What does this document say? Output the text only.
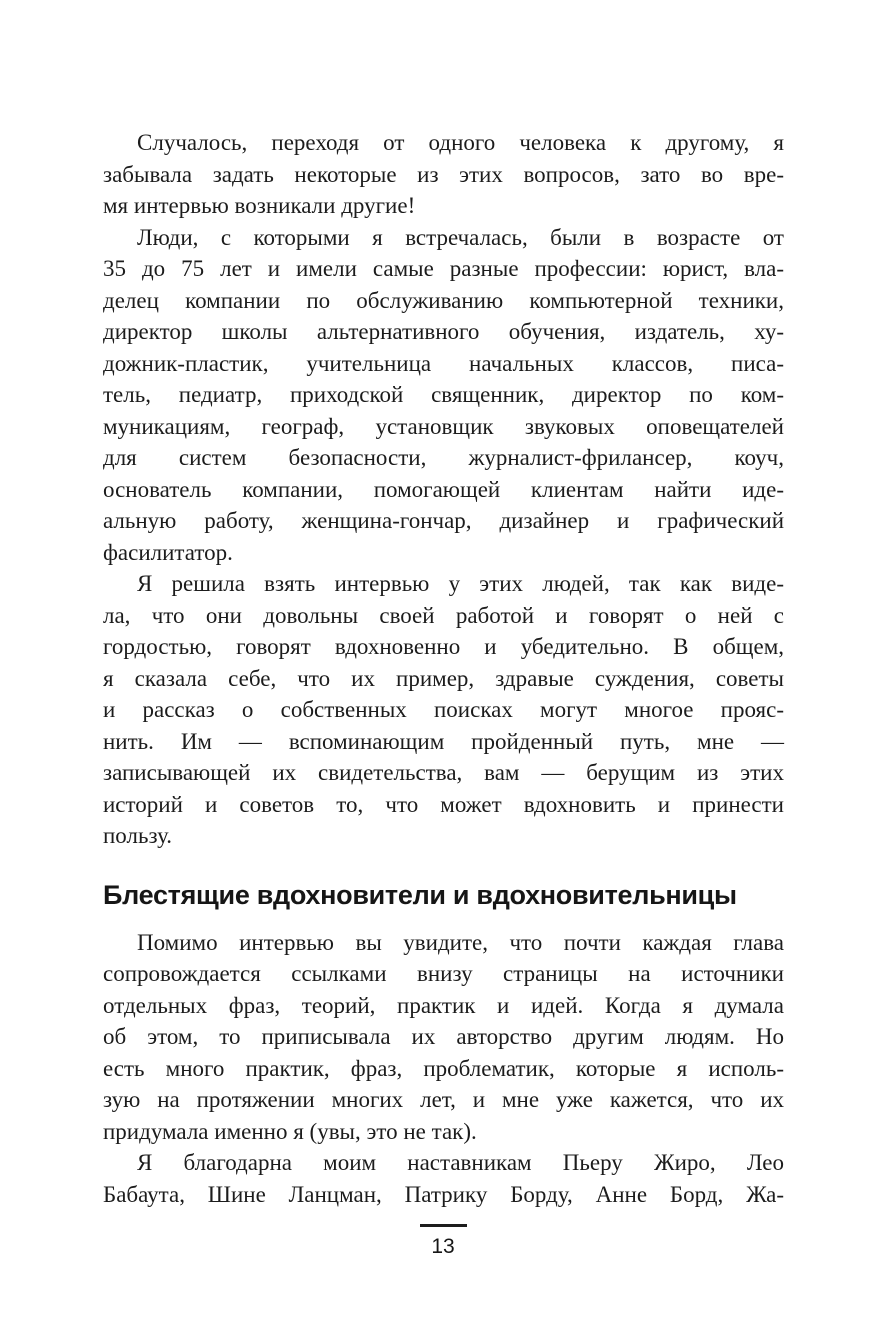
Случалось, переходя от одного человека к другому, я
забывала задать некоторые из этих вопросов, зато во вре-
мя интервью возникали другие!
Люди, с которыми я встречалась, были в возрасте от
35 до 75 лет и имели самые разные профессии: юрист, вла-
делец компании по обслуживанию компьютерной техники,
директор школы альтернативного обучения, издатель, ху-
дожник-пластик, учительница начальных классов, писа-
тель, педиатр, приходской священник, директор по ком-
муникациям, географ, установщик звуковых оповещателей
для систем безопасности, журналист-фрилансер, коуч,
основатель компании, помогающей клиентам найти иде-
альную работу, женщина-гончар, дизайнер и графический
фасилитатор.
Я решила взять интервью у этих людей, так как виде-
ла, что они довольны своей работой и говорят о ней с
гордостью, говорят вдохновенно и убедительно. В общем,
я сказала себе, что их пример, здравые суждения, советы
и рассказ о собственных поисках могут многое прояс-
нить. Им — вспоминающим пройденный путь, мне —
записывающей их свидетельства, вам — берущим из этих
историй и советов то, что может вдохновить и принести
пользу.
Блестящие вдохновители и вдохновительницы
Помимо интервью вы увидите, что почти каждая глава
сопровождается ссылками внизу страницы на источники
отдельных фраз, теорий, практик и идей. Когда я думала
об этом, то приписывала их авторство другим людям. Но
есть много практик, фраз, проблематик, которые я исполь-
зую на протяжении многих лет, и мне уже кажется, что их
придумала именно я (увы, это не так).
Я благодарна моим наставникам Пьеру Жиро, Лео
Бабаута, Шине Ланцман, Патрику Борду, Анне Борд, Жа-
13
